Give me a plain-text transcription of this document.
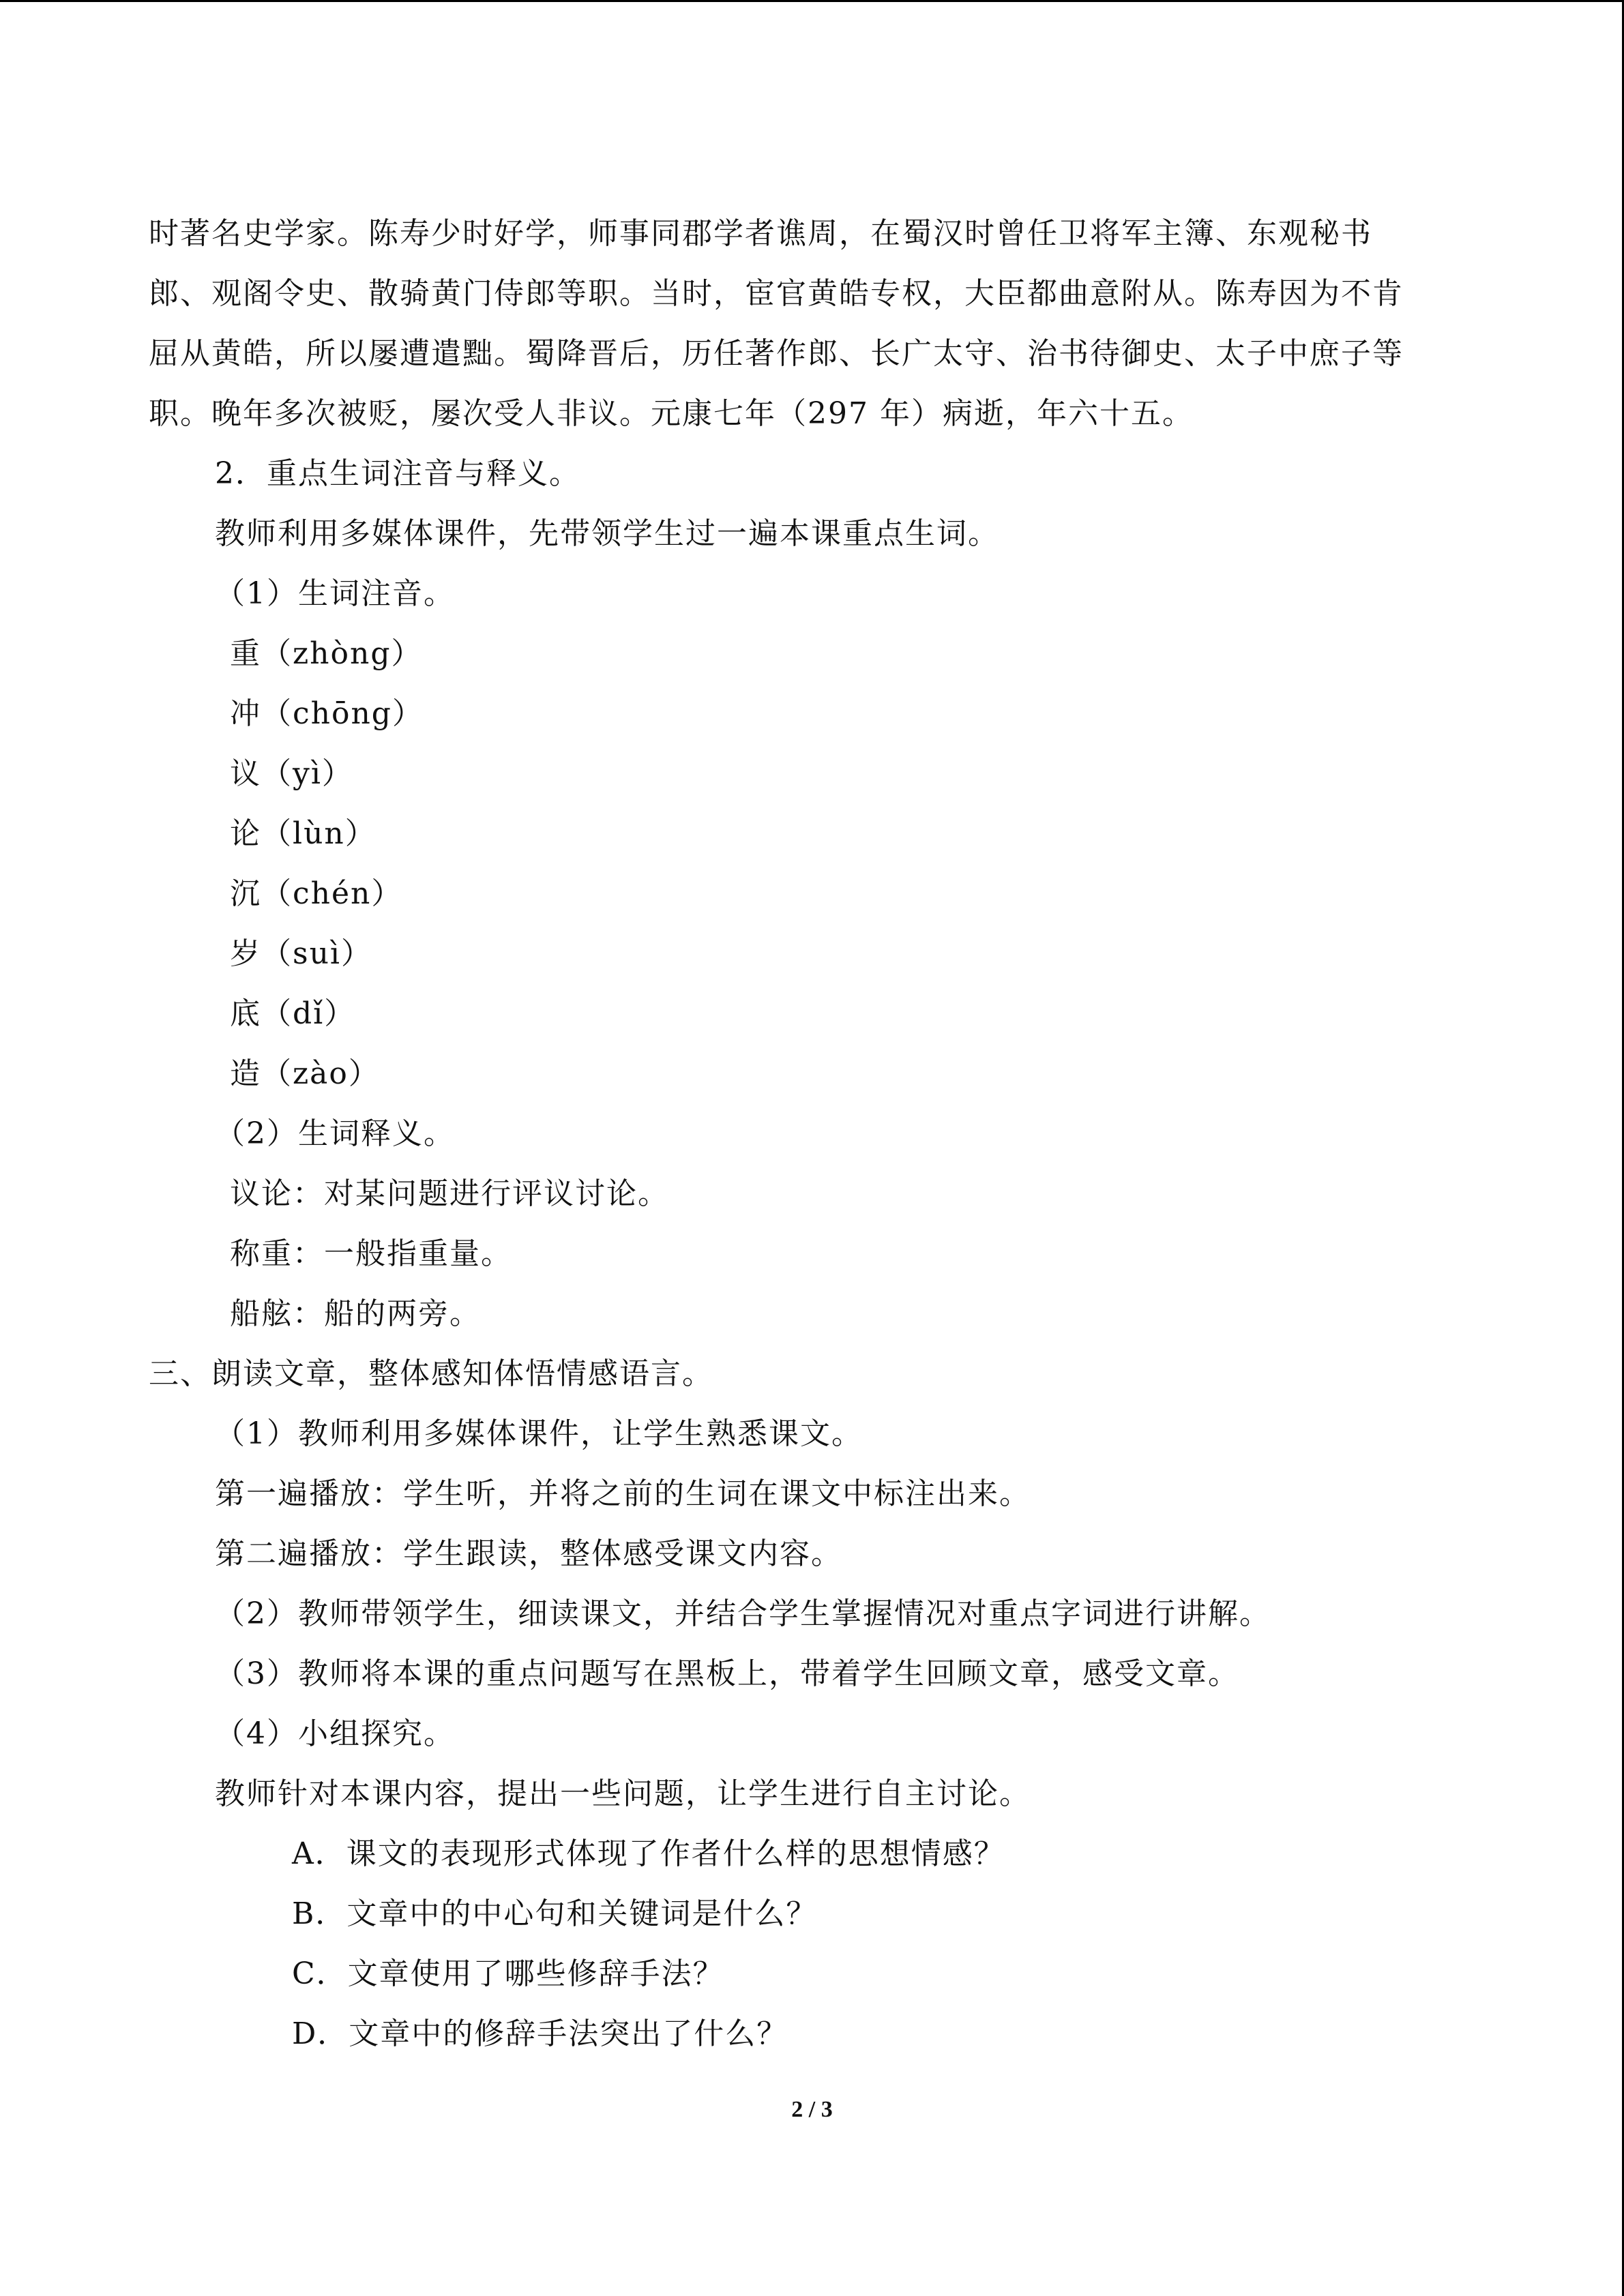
时著名史学家。陈寿少时好学，师事同郡学者谯周，在蜀汉时曾任卫将军主簿、东观秘书
郎、观阁令史、散骑黄门侍郎等职。当时，宦官黄皓专权，大臣都曲意附从。陈寿因为不肯
屈从黄皓，所以屡遭遣黜。蜀降晋后，历任著作郎、长广太守、治书待御史、太子中庶子等
职。晚年多次被贬，屡次受人非议。元康七年（297 年）病逝，年六十五。
2．重点生词注音与释义。
教师利用多媒体课件，先带领学生过一遍本课重点生词。
（1）生词注音。
重（zhòng）
冲（chōng）
议（yì）
论（lùn）
沉（chén）
岁（suì）
底（dǐ）
造（zào）
（2）生词释义。
议论：对某问题进行评议讨论。
称重：一般指重量。
船舷：船的两旁。
三、朗读文章，整体感知体悟情感语言。
（1）教师利用多媒体课件，让学生熟悉课文。
第一遍播放：学生听，并将之前的生词在课文中标注出来。
第二遍播放：学生跟读，整体感受课文内容。
（2）教师带领学生，细读课文，并结合学生掌握情况对重点字词进行讲解。
（3）教师将本课的重点问题写在黑板上，带着学生回顾文章，感受文章。
（4）小组探究。
教师针对本课内容，提出一些问题，让学生进行自主讨论。
A．课文的表现形式体现了作者什么样的思想情感？
B．文章中的中心句和关键词是什么？
C．文章使用了哪些修辞手法？
D．文章中的修辞手法突出了什么？
2 / 3
